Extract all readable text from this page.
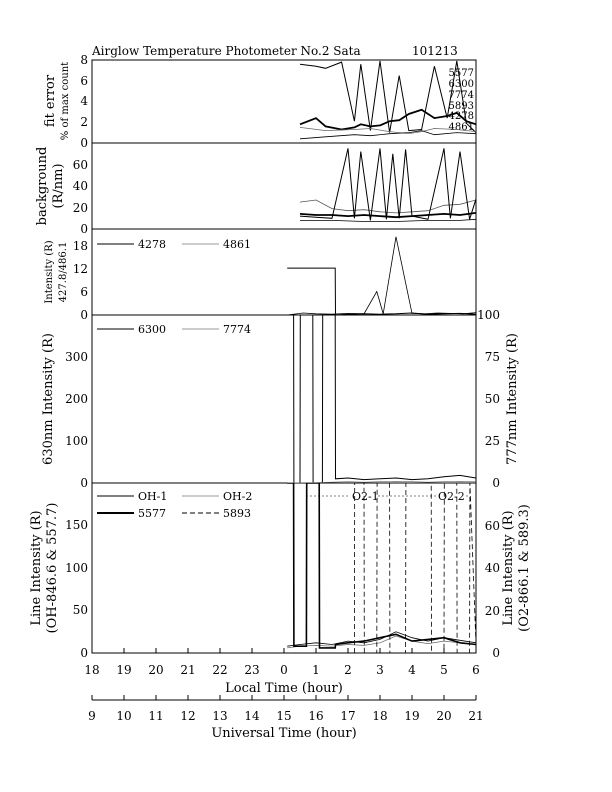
Airglow Temperature Photometer No.2 Sata	101213
fit error % of max count
background (R/nm)
Intensity (R) 427.8/486.1
630nm Intensity (R)	777nm Intensity (R)
Line Intensity (R) (OH-846.6 & 557.7)	Line Intensity (R) (O2-866.1 & 589.3)
0
2
4
6
8
0
20
40
60
0
6
12
18
0
100
200
300
0
25
50
75
100
0
50
100
150
0
20
40
60
5577
6300
7774
5893
4278
4861
4278	4861
6300	7774
OH-1	OH-2
5577	5893
O2-1	O2-2
18 19 20 21 22 23 0 1 2 3 4 5 6
Local Time (hour)
9 10 11 12 13 14 15 16 17 18 19 20 21
Universal Time (hour)
